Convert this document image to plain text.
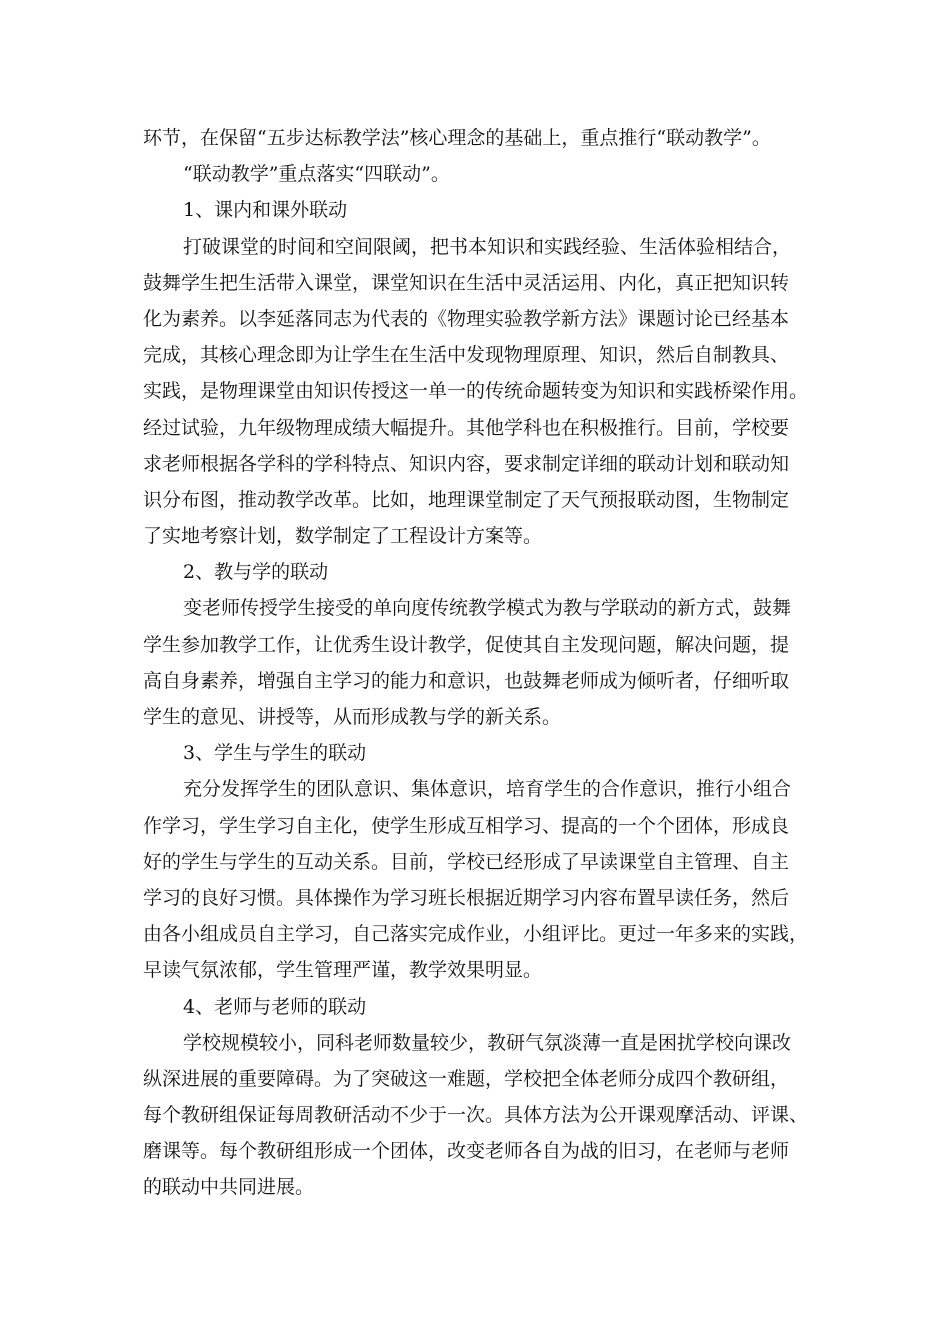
环节，在保留“五步达标教学法”核心理念的基础上，重点推行“联动教学”。
“联动教学”重点落实“四联动”。
1、课内和课外联动
打破课堂的时间和空间限阈，把书本知识和实践经验、生活体验相结合，
鼓舞学生把生活带入课堂，课堂知识在生活中灵活运用、内化，真正把知识转
化为素养。以李延落同志为代表的《物理实验教学新方法》课题讨论已经基本
完成，其核心理念即为让学生在生活中发现物理原理、知识，然后自制教具、
实践，是物理课堂由知识传授这一单一的传统命题转变为知识和实践桥梁作用。
经过试验，九年级物理成绩大幅提升。其他学科也在积极推行。目前，学校要
求老师根据各学科的学科特点、知识内容，要求制定详细的联动计划和联动知
识分布图，推动教学改革。比如，地理课堂制定了天气预报联动图，生物制定
了实地考察计划，数学制定了工程设计方案等。
2、教与学的联动
变老师传授学生接受的单向度传统教学模式为教与学联动的新方式，鼓舞
学生参加教学工作，让优秀生设计教学，促使其自主发现问题，解决问题，提
高自身素养，增强自主学习的能力和意识，也鼓舞老师成为倾听者，仔细听取
学生的意见、讲授等，从而形成教与学的新关系。
3、学生与学生的联动
充分发挥学生的团队意识、集体意识，培育学生的合作意识，推行小组合
作学习，学生学习自主化，使学生形成互相学习、提高的一个个团体，形成良
好的学生与学生的互动关系。目前，学校已经形成了早读课堂自主管理、自主
学习的良好习惯。具体操作为学习班长根据近期学习内容布置早读任务，然后
由各小组成员自主学习，自己落实完成作业，小组评比。更过一年多来的实践，
早读气氛浓郁，学生管理严谨，教学效果明显。
4、老师与老师的联动
学校规模较小，同科老师数量较少，教研气氛淡薄一直是困扰学校向课改
纵深进展的重要障碍。为了突破这一难题，学校把全体老师分成四个教研组，
每个教研组保证每周教研活动不少于一次。具体方法为公开课观摩活动、评课、
磨课等。每个教研组形成一个团体，改变老师各自为战的旧习，在老师与老师
的联动中共同进展。
